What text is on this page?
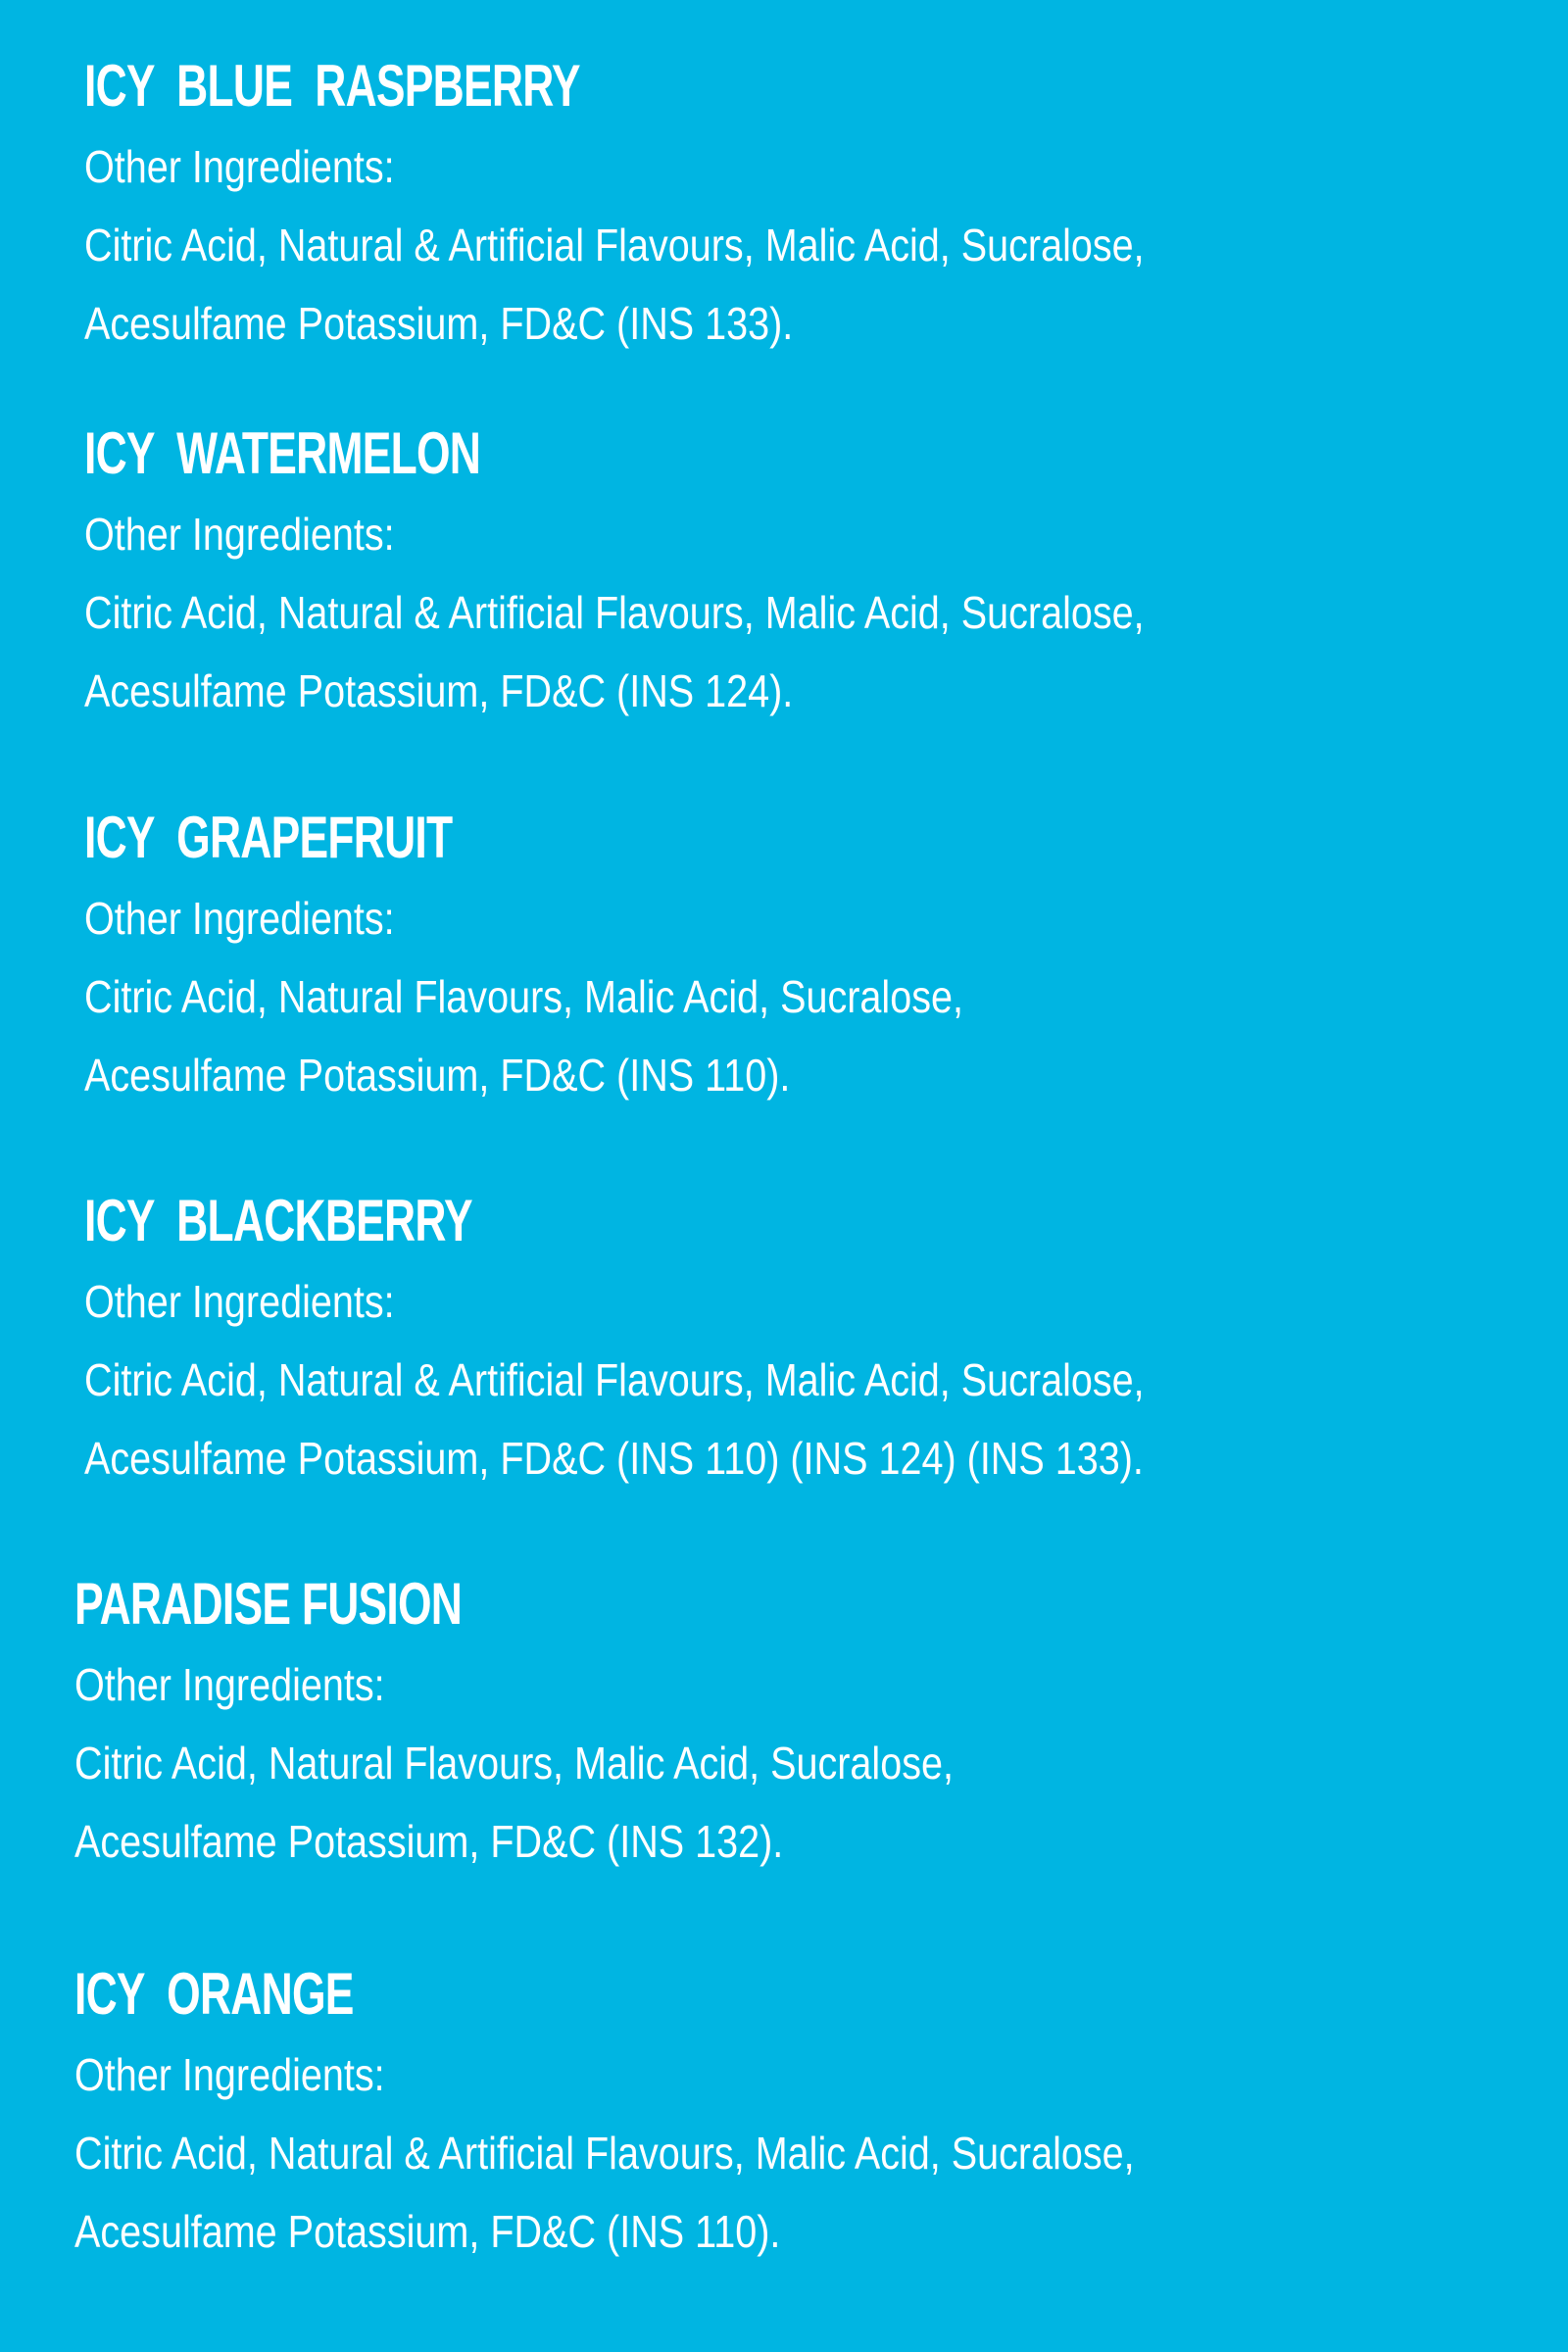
ICY  BLUE  RASPBERRY

Other Ingredients:

Citric Acid, Natural & Artificial Flavours, Malic Acid, Sucralose,

Acesulfame Potassium, FD&C (INS 133).

ICY  WATERMELON

Other Ingredients:

Citric Acid, Natural & Artificial Flavours, Malic Acid, Sucralose,

Acesulfame Potassium, FD&C (INS 124).

ICY  GRAPEFRUIT

Other Ingredients:

Citric Acid, Natural Flavours, Malic Acid, Sucralose,

Acesulfame Potassium, FD&C (INS 110).

ICY  BLACKBERRY

Other Ingredients:

Citric Acid, Natural & Artificial Flavours, Malic Acid, Sucralose,

Acesulfame Potassium, FD&C (INS 110) (INS 124) (INS 133).

PARADISE FUSION

Other Ingredients:

Citric Acid, Natural Flavours, Malic Acid, Sucralose,

Acesulfame Potassium, FD&C (INS 132).

ICY  ORANGE

Other Ingredients:

Citric Acid, Natural & Artificial Flavours, Malic Acid, Sucralose,

Acesulfame Potassium, FD&C (INS 110).
